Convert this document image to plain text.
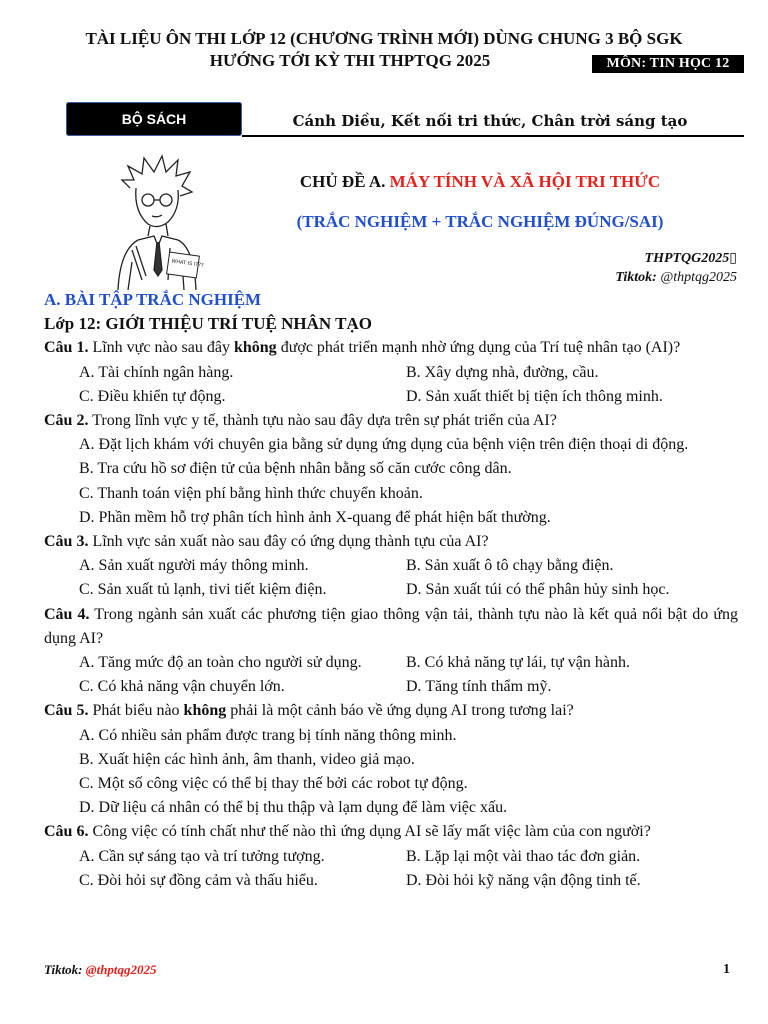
TÀI LIỆU ÔN THI LỚP 12 (CHƯƠNG TRÌNH MỚI) DÙNG CHUNG 3 BỘ SGK
HƯỚNG TỚI KỲ THI THPTQG 2025	MÔN: TIN HỌC 12
BỘ SÁCH	Cánh Diều, Kết nối tri thức, Chân trời sáng tạo
WHAT IS IT??
CHỦ ĐỀ A. MÁY TÍNH VÀ XÃ HỘI TRI THỨC
(TRẮC NGHIỆM + TRẮC NGHIỆM ĐÚNG/SAI)
THPTQG2025▯
Tiktok: @thptqg2025
A. BÀI TẬP TRẮC NGHIỆM
Lớp 12: GIỚI THIỆU TRÍ TUỆ NHÂN TẠO
Câu 1. Lĩnh vực nào sau đây không được phát triển mạnh nhờ ứng dụng của Trí tuệ nhân tạo (AI)?
A. Tài chính ngân hàng.	B. Xây dựng nhà, đường, cầu.
C. Điều khiển tự động.	D. Sản xuất thiết bị tiện ích thông minh.
Câu 2. Trong lĩnh vực y tế, thành tựu nào sau đây dựa trên sự phát triển của AI?
A. Đặt lịch khám với chuyên gia bằng sử dụng ứng dụng của bệnh viện trên điện thoại di động.
B. Tra cứu hồ sơ điện tử của bệnh nhân bằng số căn cước công dân.
C. Thanh toán viện phí bằng hình thức chuyển khoản.
D. Phần mềm hỗ trợ phân tích hình ảnh X-quang để phát hiện bất thường.
Câu 3. Lĩnh vực sản xuất nào sau đây có ứng dụng thành tựu của AI?
A. Sản xuất người máy thông minh.	B. Sản xuất ô tô chạy bằng điện.
C. Sản xuất tủ lạnh, tivi tiết kiệm điện.	D. Sản xuất túi có thể phân hủy sinh học.
Câu 4. Trong ngành sản xuất các phương tiện giao thông vận tải, thành tựu nào là kết quả nổi bật do ứng dụng AI?
A. Tăng mức độ an toàn cho người sử dụng.	B. Có khả năng tự lái, tự vận hành.
C. Có khả năng vận chuyển lớn.	D. Tăng tính thẩm mỹ.
Câu 5. Phát biểu nào không phải là một cảnh báo về ứng dụng AI trong tương lai?
A. Có nhiều sản phẩm được trang bị tính năng thông minh.
B. Xuất hiện các hình ảnh, âm thanh, video giả mạo.
C. Một số công việc có thể bị thay thế bởi các robot tự động.
D. Dữ liệu cá nhân có thể bị thu thập và lạm dụng để làm việc xấu.
Câu 6. Công việc có tính chất như thế nào thì ứng dụng AI sẽ lấy mất việc làm của con người?
A. Cần sự sáng tạo và trí tưởng tượng.	B. Lặp lại một vài thao tác đơn giản.
C. Đòi hỏi sự đồng cảm và thấu hiểu.	D. Đòi hỏi kỹ năng vận động tinh tế.
Tiktok: @thptqg2025	1
